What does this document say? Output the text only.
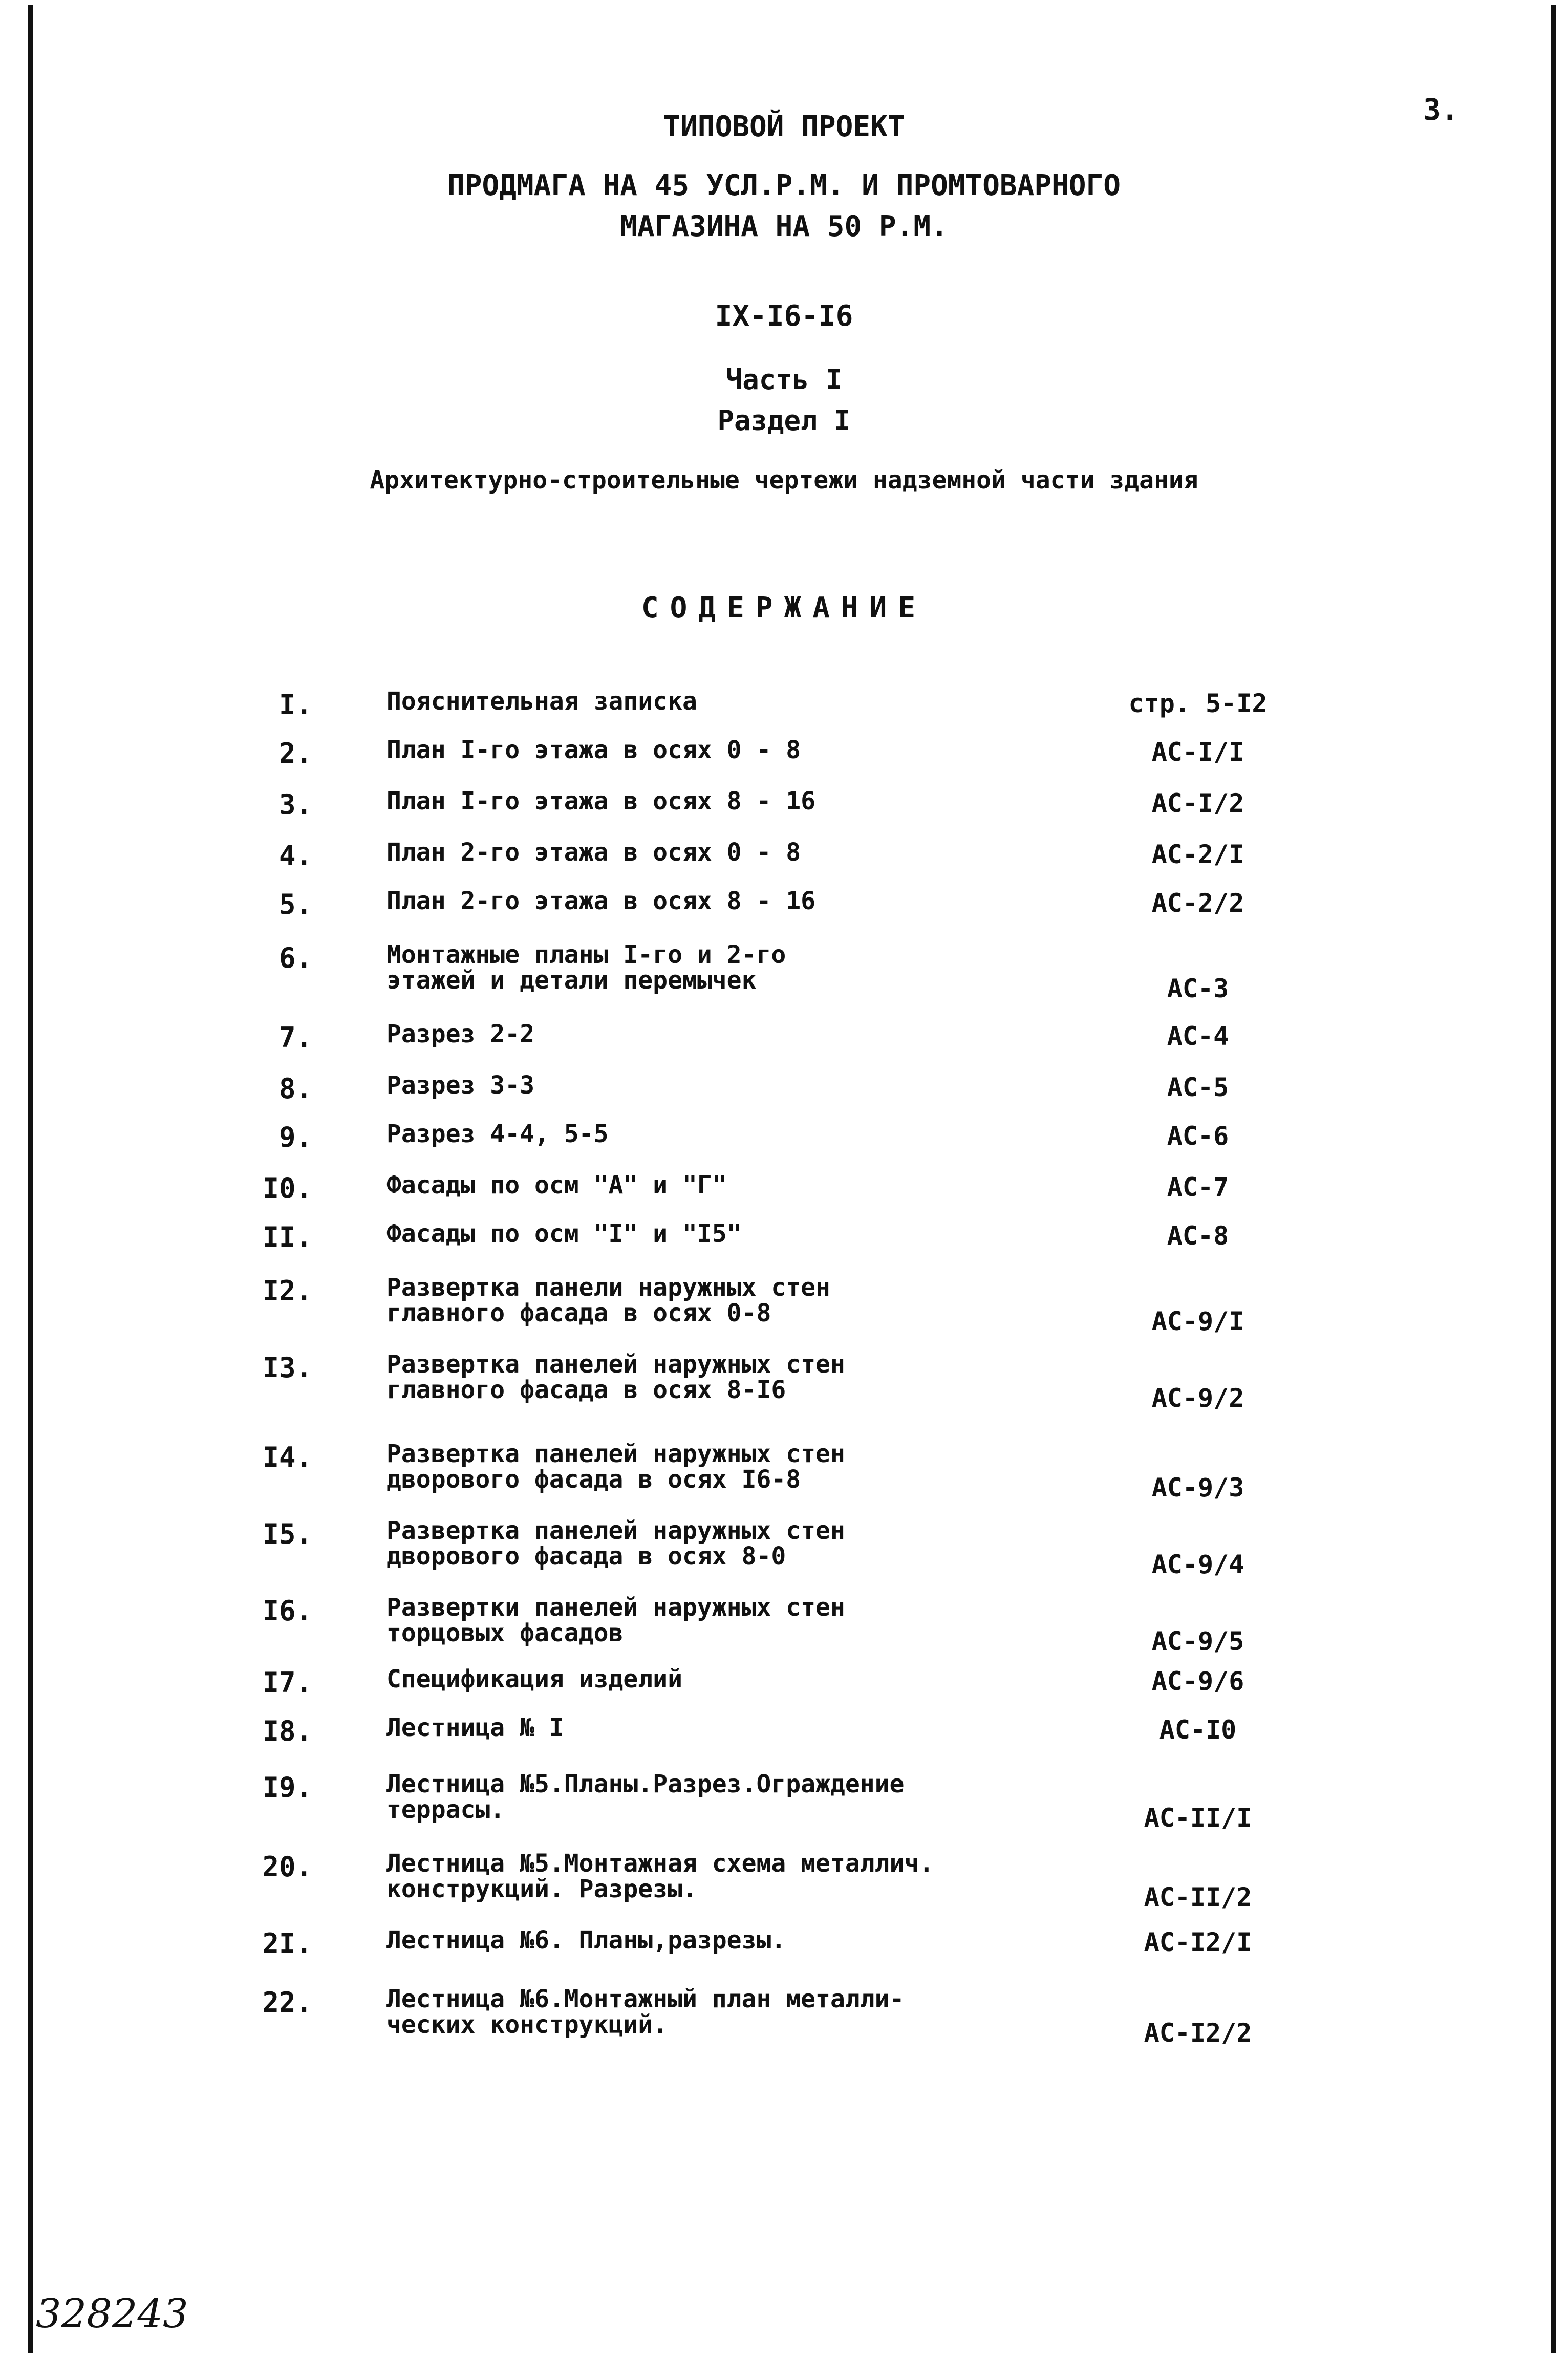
3.
ТИПОВОЙ ПРОЕКТ
ПРОДМАГА НА 45 УСЛ.Р.М. И ПРОМТОВАРНОГО
МАГАЗИНА НА 50 Р.М.
IX-I6-I6
Часть I
Раздел I
Архитектурно-строительные чертежи надземной части здания
СОДЕРЖАНИЕ
I.	Пояснительная записка	стр. 5-I2
2.	План I-го этажа в осях 0 - 8	АС-I/I
3.	План I-го этажа в осях 8 - 16	АС-I/2
4.	План 2-го этажа в осях 0 - 8	АС-2/I
5.	План 2-го этажа в осях 8 - 16	АС-2/2
6.	Монтажные планы I-го и 2-го
этажей и детали перемычек	АС-3
7.	Разрез 2-2	АС-4
8.	Разрез 3-3	АС-5
9.	Разрез 4-4, 5-5	АС-6
I0.	Фасады по осм "А" и "Г"	АС-7
II.	Фасады по осм "I" и "I5"	АС-8
I2.	Развертка панели наружных стен
главного фасада в осях 0-8	АС-9/I
I3.	Развертка панелей наружных стен
главного фасада в осях 8-I6	АС-9/2
I4.	Развертка панелей наружных стен
дворового фасада в осях I6-8	АС-9/3
I5.	Развертка панелей наружных стен
дворового фасада в осях 8-0	АС-9/4
I6.	Развертки панелей наружных стен
торцовых фасадов	АС-9/5
I7.	Спецификация изделий	АС-9/6
I8.	Лестница № I	АС-I0
I9.	Лестница №5.Планы.Разрез.Ограждение
террасы.	АС-II/I
20.	Лестница №5.Монтажная схема металлич.
конструкций. Разрезы.	АС-II/2
2I.	Лестница №6. Планы,разрезы.	АС-I2/I
22.	Лестница №6.Монтажный план металли-
ческих конструкций.	АС-I2/2
328243
